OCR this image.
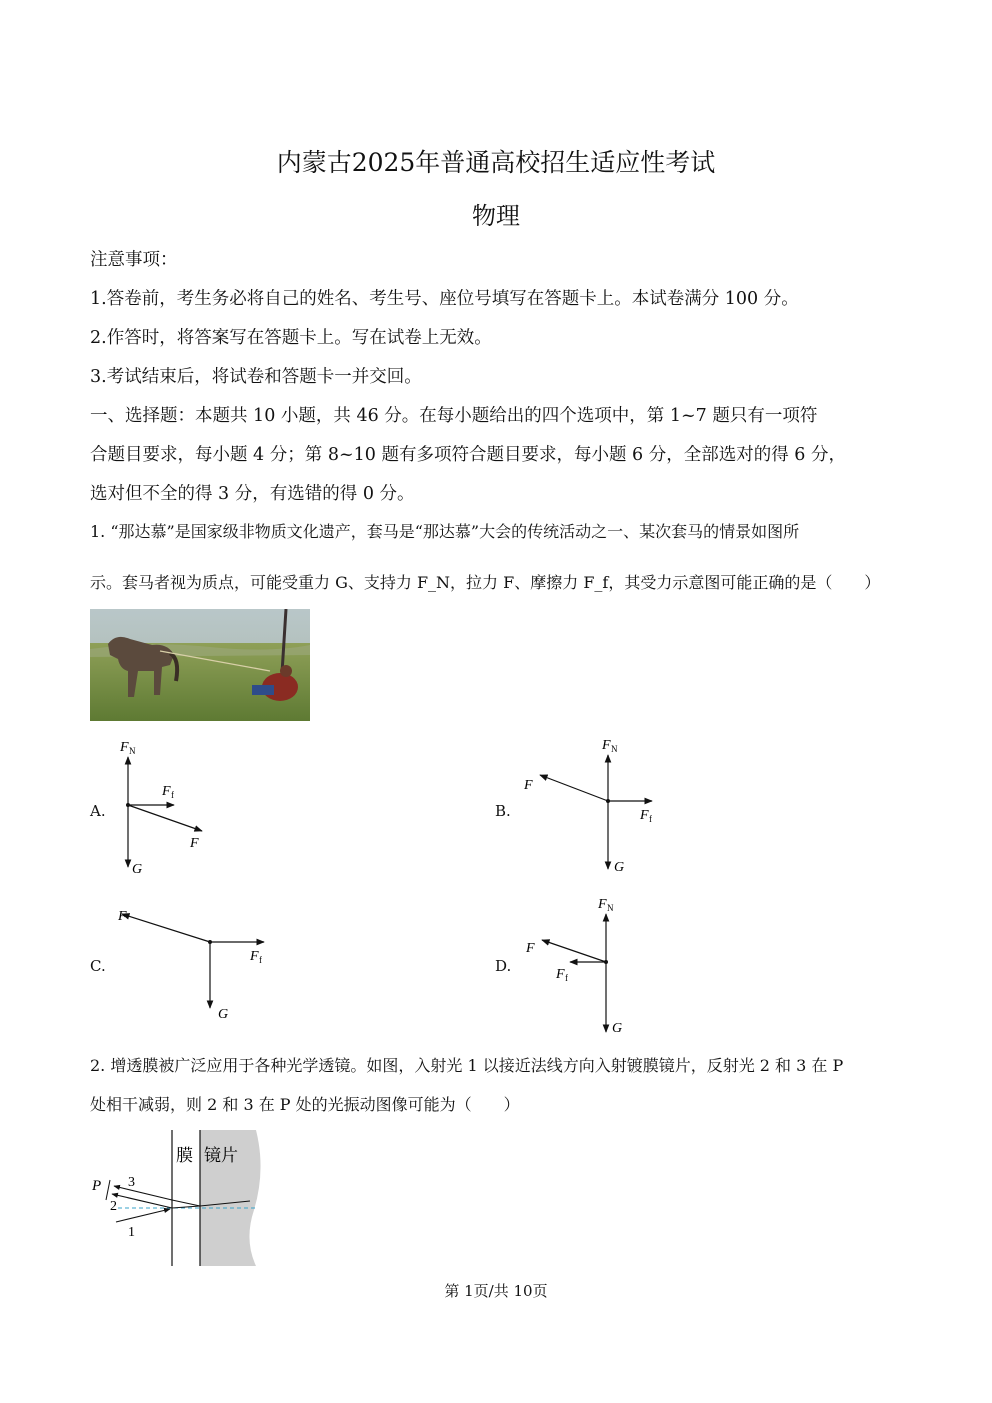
内蒙古2025年普通高校招生适应性考试
物理
注意事项：
1.答卷前，考生务必将自己的姓名、考生号、座位号填写在答题卡上。本试卷满分 100 分。
2.作答时，将答案写在答题卡上。写在试卷上无效。
3.考试结束后，将试卷和答题卡一并交回。
一、选择题：本题共 10 小题，共 46 分。在每小题给出的四个选项中，第 1~7 题只有一项符
合题目要求，每小题 4 分；第 8~10 题有多项符合题目要求，每小题 6 分，全部选对的得 6 分，
选对但不全的得 3 分，有选错的得 0 分。
1. “那达慕”是国家级非物质文化遗产，套马是“那达慕”大会的传统活动之一、某次套马的情景如图所
示。套马者视为质点，可能受重力 G、支持力 F_N，拉力 F、摩擦力 F_f，其受力示意图可能正确的是（　　）
A.
F N
F f
F
G
B.
F N
F
F f
G
C.
F
F f
G
D.
F N
F
F f
G
2. 增透膜被广泛应用于各种光学透镜。如图，入射光 1 以接近法线方向入射镀膜镜片，反射光 2 和 3 在 P
处相干减弱，则 2 和 3 在 P 处的光振动图像可能为（　　）
P 3
2
1
膜 镜片
第 1页/共 10页
